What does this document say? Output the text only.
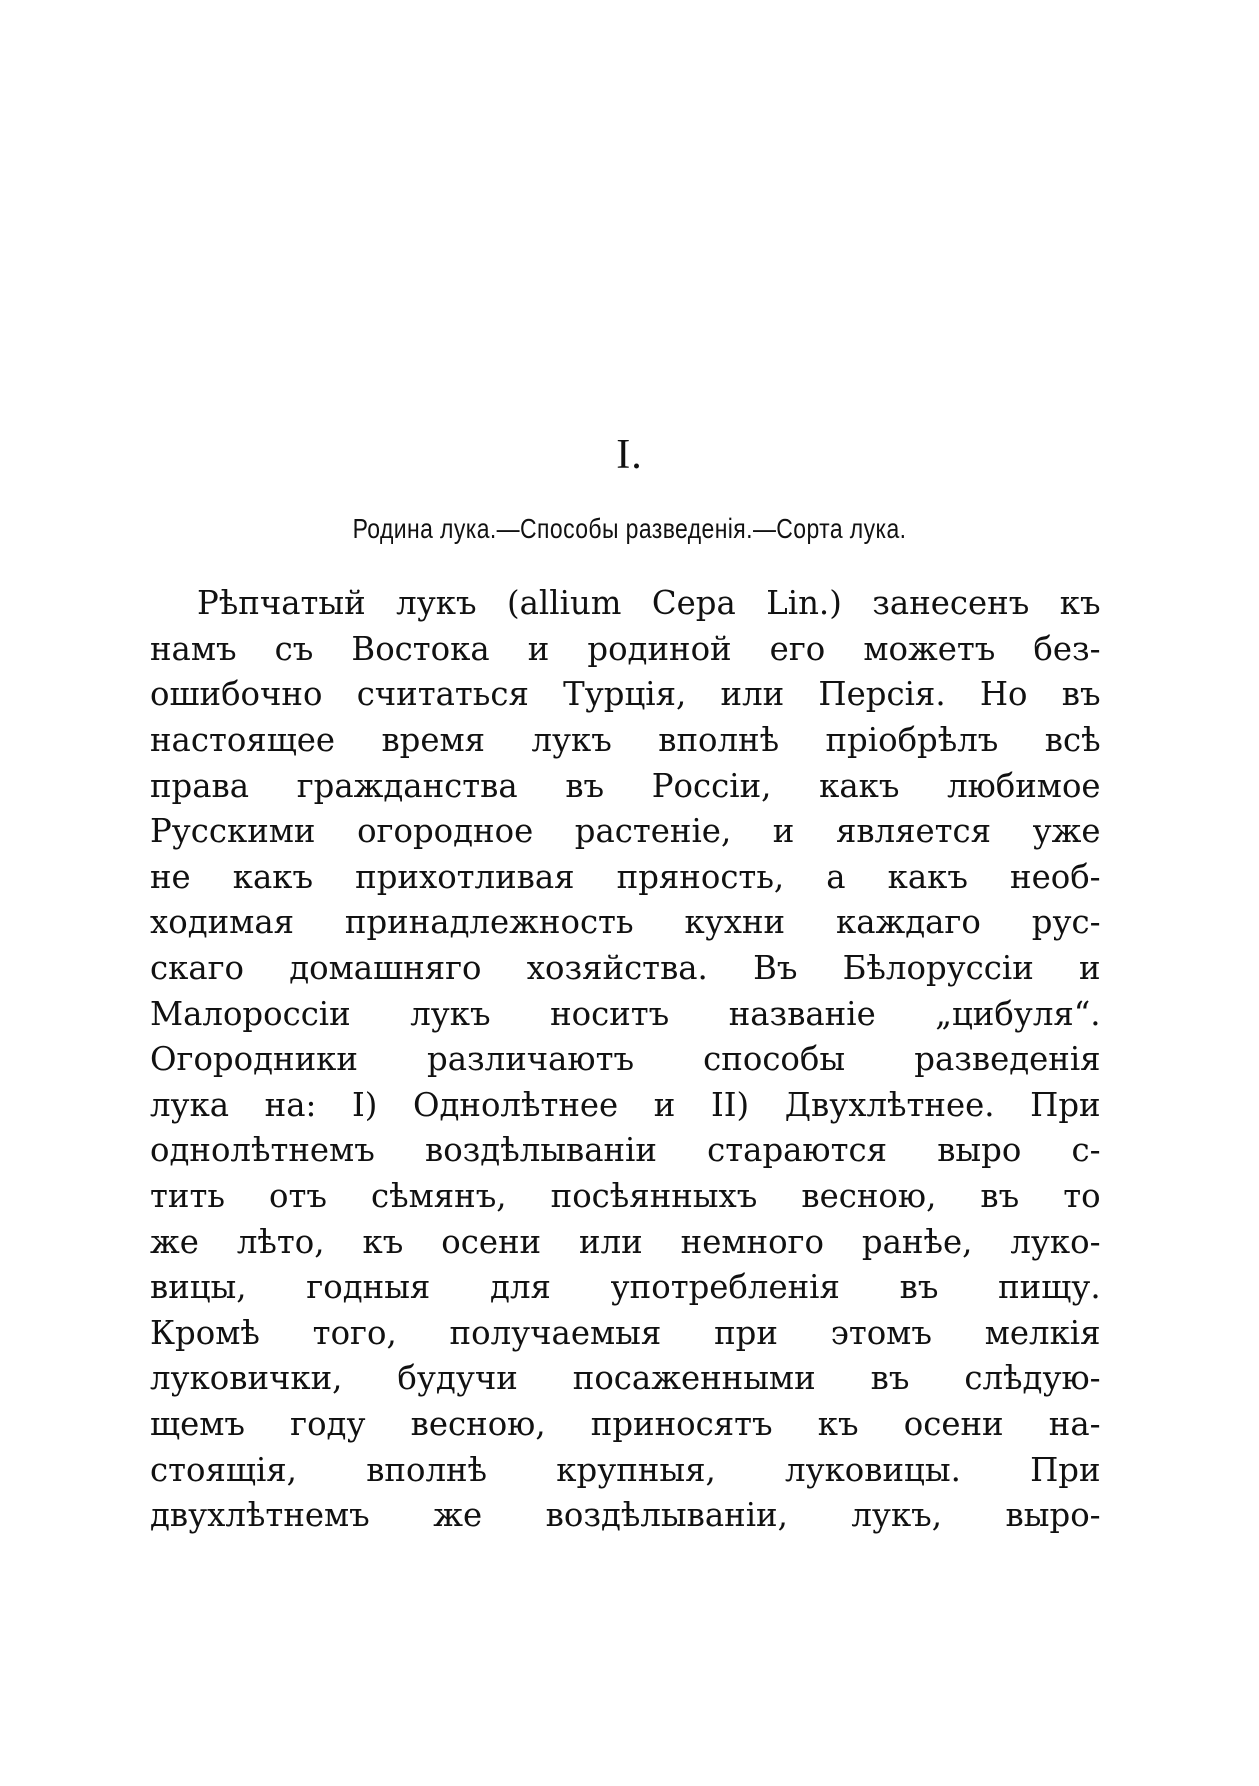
I.
Родина лука.—Способы разведенія.—Сорта лука.
Рѣпчатый лукъ (allium Cepa Lin.) занесенъ къ
намъ съ Востока и родиной его можетъ без-
ошибочно считаться Турція, или Персія. Но въ
настоящее время лукъ вполнѣ пріобрѣлъ всѣ
права гражданства въ Россіи, какъ любимое
Русскими огородное растеніе, и является уже
не какъ прихотливая пряность, а какъ необ-
ходимая принадлежность кухни каждаго рус-
скаго домашняго хозяйства. Въ Бѣлоруссіи и
Малороссіи лукъ носитъ названіе „цибуля“.
Огородники различаютъ способы разведенія
лука на: I) Однолѣтнее и II) Двухлѣтнее. При
однолѣтнемъ воздѣлываніи стараются выро с-
тить отъ сѣмянъ, посѣянныхъ весною, въ то
же лѣто, къ осени или немного ранѣе, луко-
вицы, годныя для употребленія въ пищу.
Кромѣ того, получаемыя при этомъ мелкія
луковички, будучи посаженными въ слѣдую-
щемъ году весною, приносятъ къ осени на-
стоящія, вполнѣ крупныя, луковицы. При
двухлѣтнемъ же воздѣлываніи, лукъ, выро-
